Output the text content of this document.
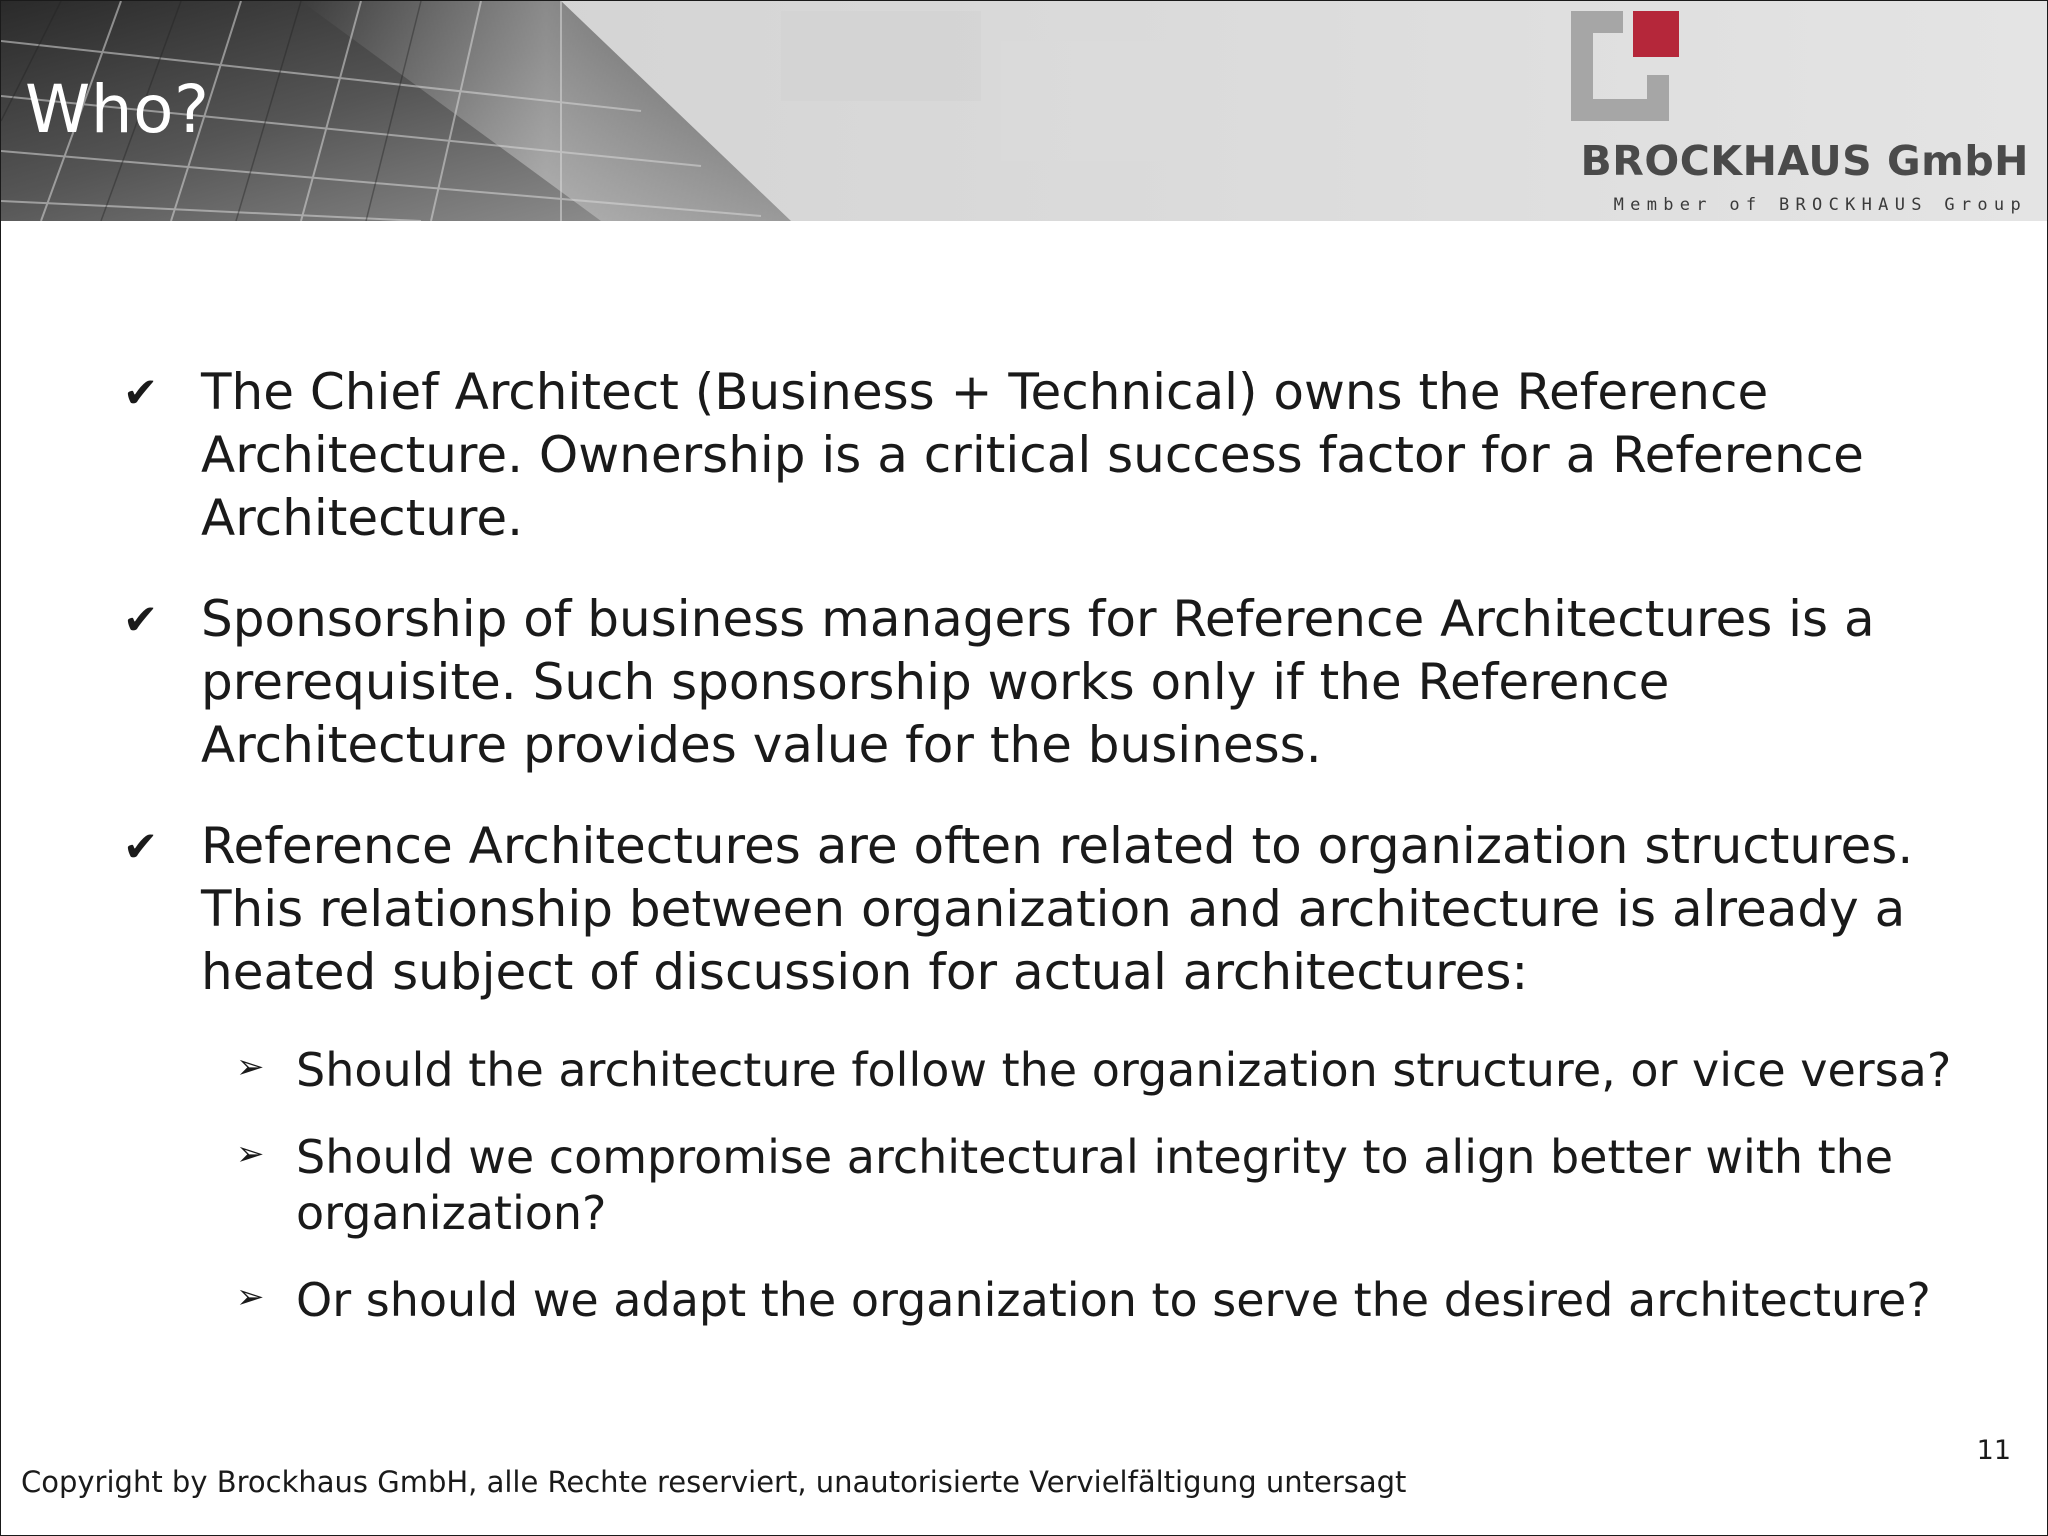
Who?
BROCKHAUS GmbH
Member of BROCKHAUS Group
✔ The Chief Architect (Business + Technical) owns the Reference Architecture. Ownership is a critical success factor for a Reference Architecture.
✔ Sponsorship of business managers for Reference Architectures is a prerequisite. Such sponsorship works only if the Reference Architecture provides value for the business.
✔ Reference Architectures are often related to organization structures. This relationship between organization and architecture is already a heated subject of discussion for actual architectures:
➢ Should the architecture follow the organization structure, or vice versa?
➢ Should we compromise architectural integrity to align better with the organization?
➢ Or should we adapt the organization to serve the desired architecture?
11
Copyright by Brockhaus GmbH, alle Rechte reserviert, unautorisierte Vervielfältigung untersagt
